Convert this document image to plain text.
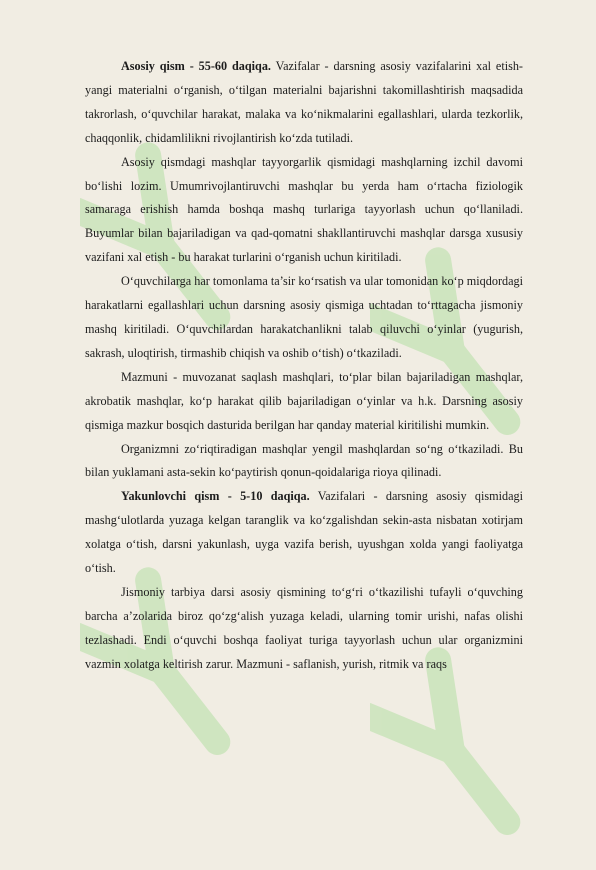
Asosiy qism - 55-60 daqiqa. Vazifalar - darsning asosiy vazifalarini xal etish-yangi materialni o‘rganish, o‘tilgan materialni bajarishni takomillashtirish maqsadida takrorlash, o‘quvchilar harakat, malaka va ko‘nikmalarini egallashlari, ularda tezkorlik, chaqqonlik, chidamlilikni rivojlantirish ko‘zda tutiladi.

Asosiy qismdagi mashqlar tayyorgarlik qismidagi mashqlarning izchil davomi bo‘lishi lozim. Umumrivojlantiruvchi mashqlar bu yerda ham o‘rtacha fiziologik samaraga erishish hamda boshqa mashq turlariga tayyorlash uchun qo‘llaniladi. Buyumlar bilan bajariladigan va qad-qomatni shakllantiruvchi mashqlar darsga xususiy vazifani xal etish - bu harakat turlarini o‘rganish uchun kiritiladi.

O‘quvchilarga har tomonlama ta’sir ko‘rsatish va ular tomonidan ko‘p miqdordagi harakatlarni egallashlari uchun darsning asosiy qismiga uchtadan to‘rttagacha jismoniy mashq kiritiladi. O‘quvchilardan harakatchanlikni talab qiluvchi o‘yinlar (yugurish, sakrash, uloqtirish, tirmashib chiqish va oshib o‘tish) o‘tkaziladi.

Mazmuni - muvozanat saqlash mashqlari, to‘plar bilan bajariladigan mashqlar, akrobatik mashqlar, ko‘p harakat qilib bajariladigan o‘yinlar va h.k. Darsning asosiy qismiga mazkur bosqich dasturida berilgan har qanday material kiritilishi mumkin.

Organizmni zo‘riqtiradigan mashqlar yengil mashqlardan so‘ng o‘tkaziladi. Bu bilan yuklamani asta-sekin ko‘paytirish qonun-qoidalariga rioya qilinadi.

Yakunlovchi qism - 5-10 daqiqa. Vazifalari - darsning asosiy qismidagi mashg‘ulotlarda yuzaga kelgan taranglik va ko‘zgalishdan sekin-asta nisbatan xotirjam xolatga o‘tish, darsni yakunlash, uyga vazifa berish, uyushgan xolda yangi faoliyatga o‘tish.

Jismoniy tarbiya darsi asosiy qismining to‘g‘ri o‘tkazilishi tufayli o‘quvching barcha a’zolarida biroz qo‘zg‘alish yuzaga keladi, ularning tomir urishi, nafas olishi tezlashadi. Endi o‘quvchi boshqa faoliyat turiga tayyorlash uchun ular organizmini vazmin xolatga keltirish zarur. Mazmuni - saflanish, yurish, ritmik va raqs
